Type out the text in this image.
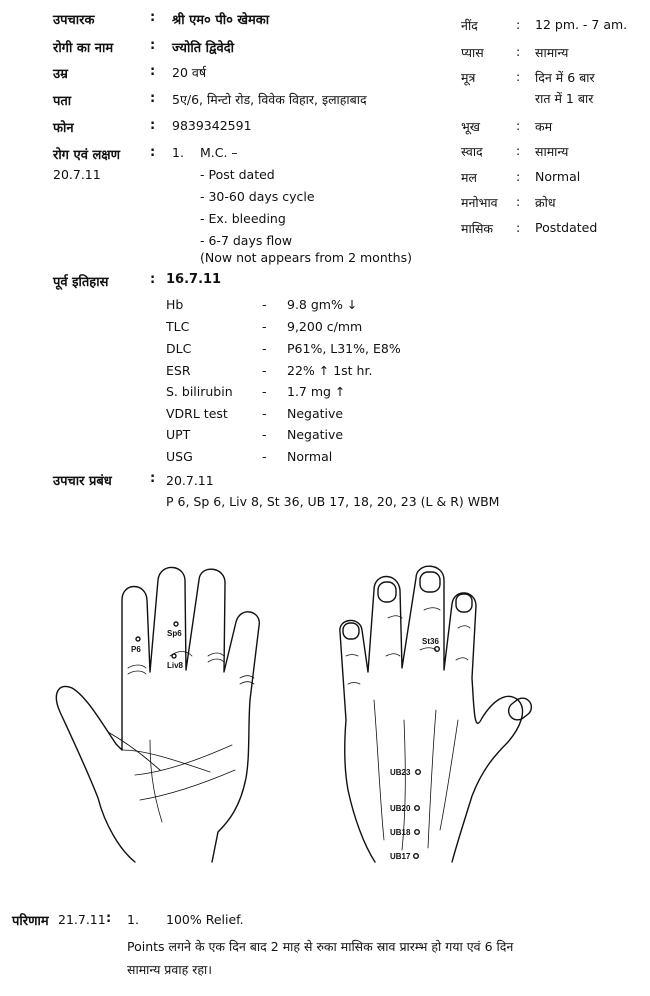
उपचारक	: श्री एम० पी० खेमका
रोगी का नाम	: ज्योति द्विवेदी
उम्र	: 20 वर्ष
पता	: 5ए/6, मिन्टो रोड, विवेक विहार, इलाहाबाद
फोन	: 9839342591
रोग एवं लक्षण : 1. M.C. –
20.7.11	- Post dated
- 30-60 days cycle
- Ex. bleeding
- 6-7 days flow
(Now not appears from 2 months)
नींद	: 12 pm. - 7 am.
प्यास	: सामान्य
मूत्र	: दिन में 6 बार
रात में 1 बार
भूख	: कम
स्वाद	: सामान्य
मल	: Normal
मनोभाव : क्रोध
मासिक : Postdated
पूर्व इतिहास	: 16.7.11
Hb	- 9.8 gm% ↓
TLC	- 9,200 c/mm
DLC	- P61%, L31%, E8%
ESR	- 22% ↑ 1st hr.
S. bilirubin - 1.7 mg ↑
VDRL test	- Negative
UPT	- Negative
USG	- Normal
उपचार प्रबंध	: 20.7.11
P 6, Sp 6, Liv 8, St 36, UB 17, 18, 20, 23 (L & R) WBM
P6
Sp6
Liv8
St36
UB23
UB20
UB18
UB17
परिणाम 21.7.11 : 1. 100% Relief.
Points लगने के एक दिन बाद 2 माह से रुका मासिक स्राव प्रारम्भ हो गया एवं 6 दिन
सामान्य प्रवाह रहा।
